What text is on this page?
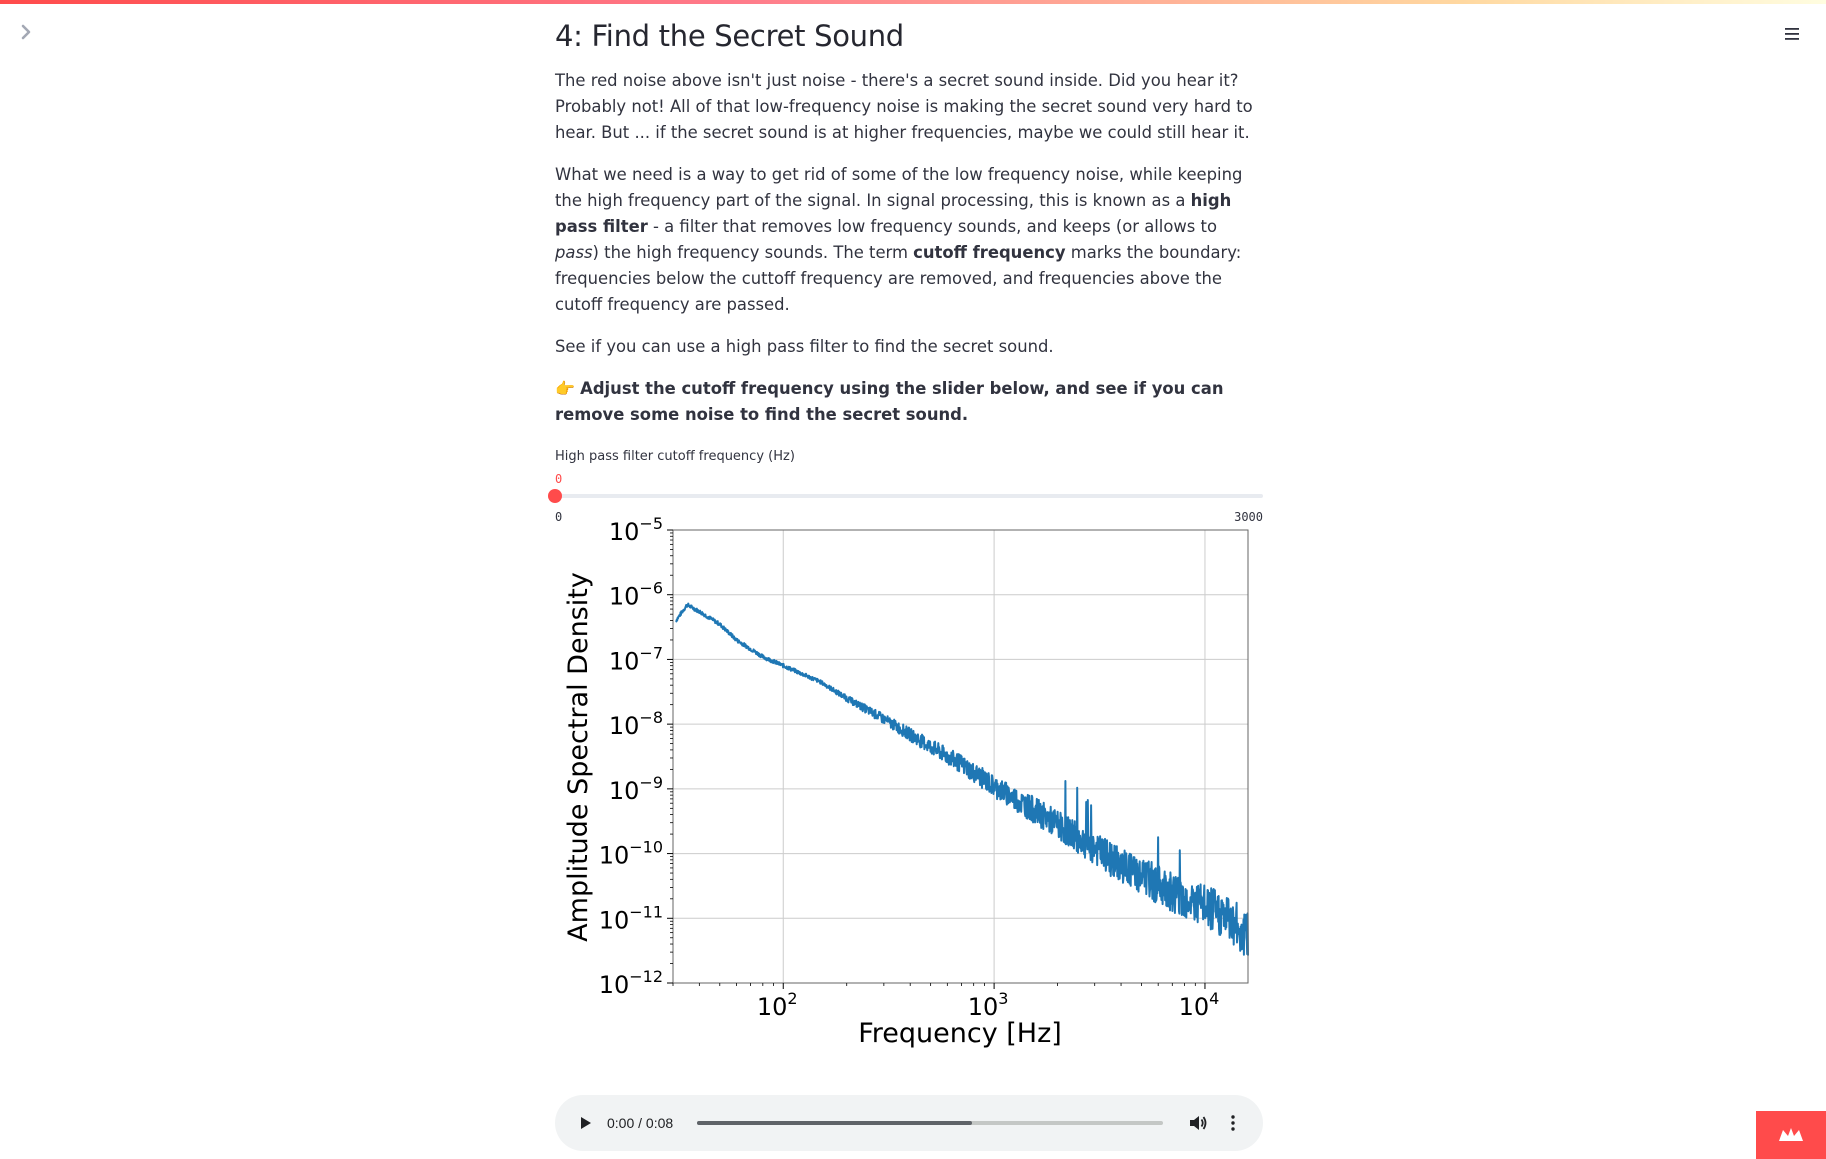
4: Find the Secret Sound

The red noise above isn't just noise - there's a secret sound inside. Did you hear it? Probably not! All of that low-frequency noise is making the secret sound very hard to hear. But ... if the secret sound is at higher frequencies, maybe we could still hear it.

What we need is a way to get rid of some of the low frequency noise, while keeping the high frequency part of the signal. In signal processing, this is known as a high pass filter - a filter that removes low frequency sounds, and keeps (or allows to pass) the high frequency sounds. The term cutoff frequency marks the boundary: frequencies below the cuttoff frequency are removed, and frequencies above the cutoff frequency are passed.

See if you can use a high pass filter to find the secret sound.

👉 Adjust the cutoff frequency using the slider below, and see if you can remove some noise to find the secret sound.

High pass filter cutoff frequency (Hz)
0
0	3000
$10^{-12}$
$10^{-11}$
$10^{-10}$
$10^{-9}$
$10^{-8}$
$10^{-7}$
$10^{-6}$
$10^{-5}$
$10^2$	$10^3$	$10^4$
Frequency [Hz]
Amplitude Spectral Density
0:00 / 0:08
